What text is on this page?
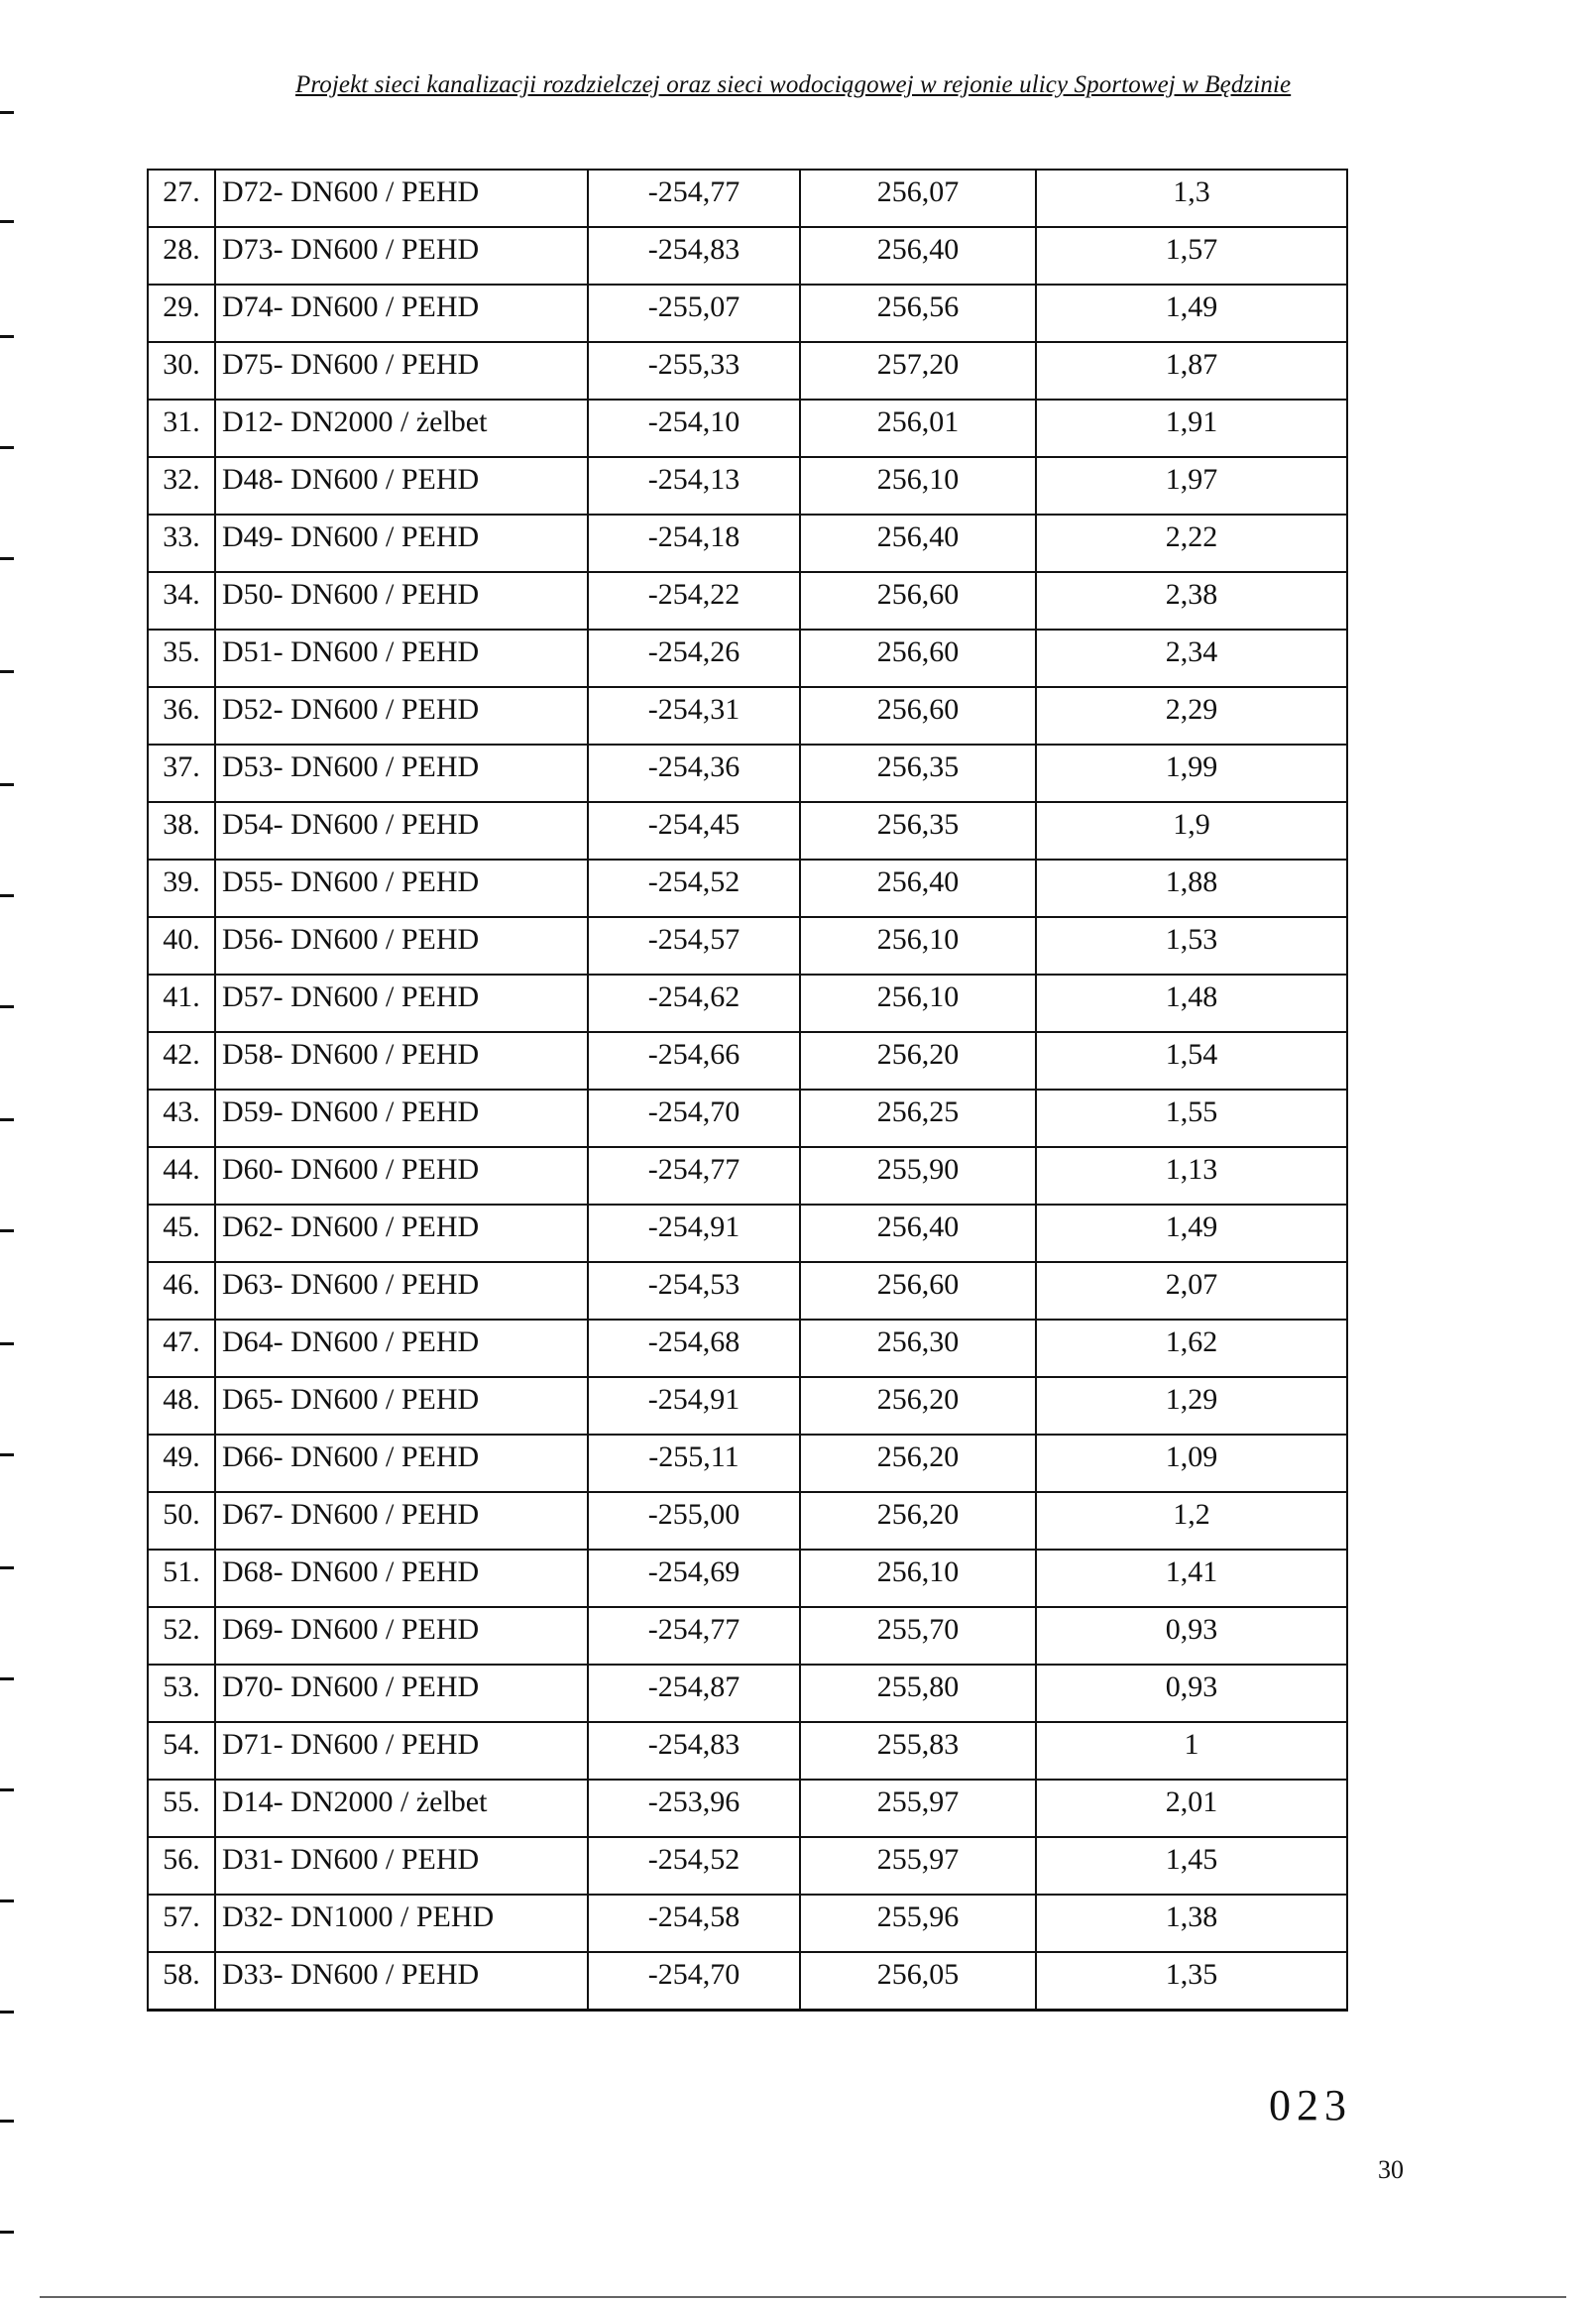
Projekt sieci kanalizacji rozdzielczej oraz sieci wodociągowej w rejonie ulicy Sportowej w Będzinie
27.	D72- DN600 / PEHD	-254,77	256,07	1,3
28.	D73- DN600 / PEHD	-254,83	256,40	1,57
29.	D74- DN600 / PEHD	-255,07	256,56	1,49
30.	D75- DN600 / PEHD	-255,33	257,20	1,87
31.	D12- DN2000 / żelbet	-254,10	256,01	1,91
32.	D48- DN600 / PEHD	-254,13	256,10	1,97
33.	D49- DN600 / PEHD	-254,18	256,40	2,22
34.	D50- DN600 / PEHD	-254,22	256,60	2,38
35.	D51- DN600 / PEHD	-254,26	256,60	2,34
36.	D52- DN600 / PEHD	-254,31	256,60	2,29
37.	D53- DN600 / PEHD	-254,36	256,35	1,99
38.	D54- DN600 / PEHD	-254,45	256,35	1,9
39.	D55- DN600 / PEHD	-254,52	256,40	1,88
40.	D56- DN600 / PEHD	-254,57	256,10	1,53
41.	D57- DN600 / PEHD	-254,62	256,10	1,48
42.	D58- DN600 / PEHD	-254,66	256,20	1,54
43.	D59- DN600 / PEHD	-254,70	256,25	1,55
44.	D60- DN600 / PEHD	-254,77	255,90	1,13
45.	D62- DN600 / PEHD	-254,91	256,40	1,49
46.	D63- DN600 / PEHD	-254,53	256,60	2,07
47.	D64- DN600 / PEHD	-254,68	256,30	1,62
48.	D65- DN600 / PEHD	-254,91	256,20	1,29
49.	D66- DN600 / PEHD	-255,11	256,20	1,09
50.	D67- DN600 / PEHD	-255,00	256,20	1,2
51.	D68- DN600 / PEHD	-254,69	256,10	1,41
52.	D69- DN600 / PEHD	-254,77	255,70	0,93
53.	D70- DN600 / PEHD	-254,87	255,80	0,93
54.	D71- DN600 / PEHD	-254,83	255,83	1
55.	D14- DN2000 / żelbet	-253,96	255,97	2,01
56.	D31- DN600 / PEHD	-254,52	255,97	1,45
57.	D32- DN1000 / PEHD	-254,58	255,96	1,38
58.	D33- DN600 / PEHD	-254,70	256,05	1,35
023
30
